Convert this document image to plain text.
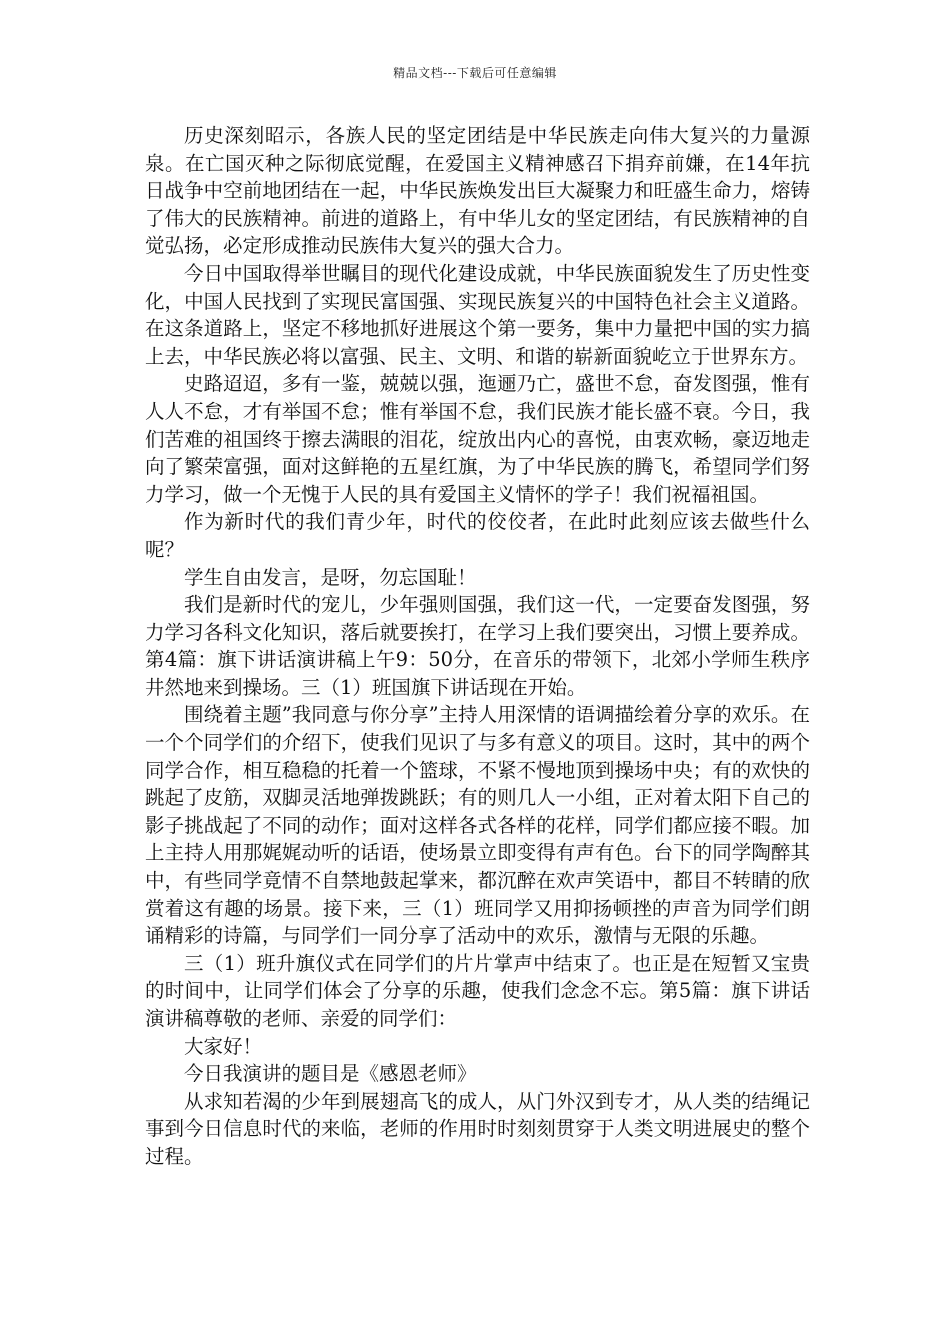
精品文档---下载后可任意编辑

历史深刻昭示，各族人民的坚定团结是中华民族走向伟大复兴的力量源泉。在亡国灭种之际彻底觉醒，在爱国主义精神感召下捐弃前嫌，在14年抗日战争中空前地团结在一起，中华民族焕发出巨大凝聚力和旺盛生命力，熔铸了伟大的民族精神。前进的道路上，有中华儿女的坚定团结，有民族精神的自觉弘扬，必定形成推动民族伟大复兴的强大合力。

今日中国取得举世瞩目的现代化建设成就，中华民族面貌发生了历史性变化，中国人民找到了实现民富国强、实现民族复兴的中国特色社会主义道路。在这条道路上，坚定不移地抓好进展这个第一要务，集中力量把中国的实力搞上去，中华民族必将以富强、民主、文明、和谐的崭新面貌屹立于世界东方。

史路迢迢，多有一鉴，兢兢以强，迤逦乃亡，盛世不怠，奋发图强，惟有人人不怠，才有举国不怠；惟有举国不怠，我们民族才能长盛不衰。今日，我们苦难的祖国终于擦去满眼的泪花，绽放出内心的喜悦，由衷欢畅，豪迈地走向了繁荣富强，面对这鲜艳的五星红旗，为了中华民族的腾飞，希望同学们努力学习，做一个无愧于人民的具有爱国主义情怀的学子！我们祝福祖国。

作为新时代的我们青少年，时代的佼佼者，在此时此刻应该去做些什么呢？

学生自由发言，是呀，勿忘国耻！

我们是新时代的宠儿，少年强则国强，我们这一代，一定要奋发图强，努力学习各科文化知识，落后就要挨打，在学习上我们要突出，习惯上要养成。第4篇：旗下讲话演讲稿上午9：50分，在音乐的带领下，北郊小学师生秩序井然地来到操场。三（1）班国旗下讲话现在开始。

围绕着主题”我同意与你分享”主持人用深情的语调描绘着分享的欢乐。在一个个同学们的介绍下，使我们见识了与多有意义的项目。这时，其中的两个同学合作，相互稳稳的托着一个篮球，不紧不慢地顶到操场中央；有的欢快的跳起了皮筋，双脚灵活地弹拨跳跃；有的则几人一小组，正对着太阳下自己的影子挑战起了不同的动作；面对这样各式各样的花样，同学们都应接不暇。加上主持人用那娓娓动听的话语，使场景立即变得有声有色。台下的同学陶醉其中，有些同学竟情不自禁地鼓起掌来，都沉醉在欢声笑语中，都目不转睛的欣赏着这有趣的场景。接下来，三（1）班同学又用抑扬顿挫的声音为同学们朗诵精彩的诗篇，与同学们一同分享了活动中的欢乐，激情与无限的乐趣。

三（1）班升旗仪式在同学们的片片掌声中结束了。也正是在短暂又宝贵的时间中，让同学们体会了分享的乐趣，使我们念念不忘。第5篇：旗下讲话演讲稿尊敬的老师、亲爱的同学们：

大家好！

今日我演讲的题目是《感恩老师》

从求知若渴的少年到展翅高飞的成人，从门外汉到专才，从人类的结绳记事到今日信息时代的来临，老师的作用时时刻刻贯穿于人类文明进展史的整个过程。
